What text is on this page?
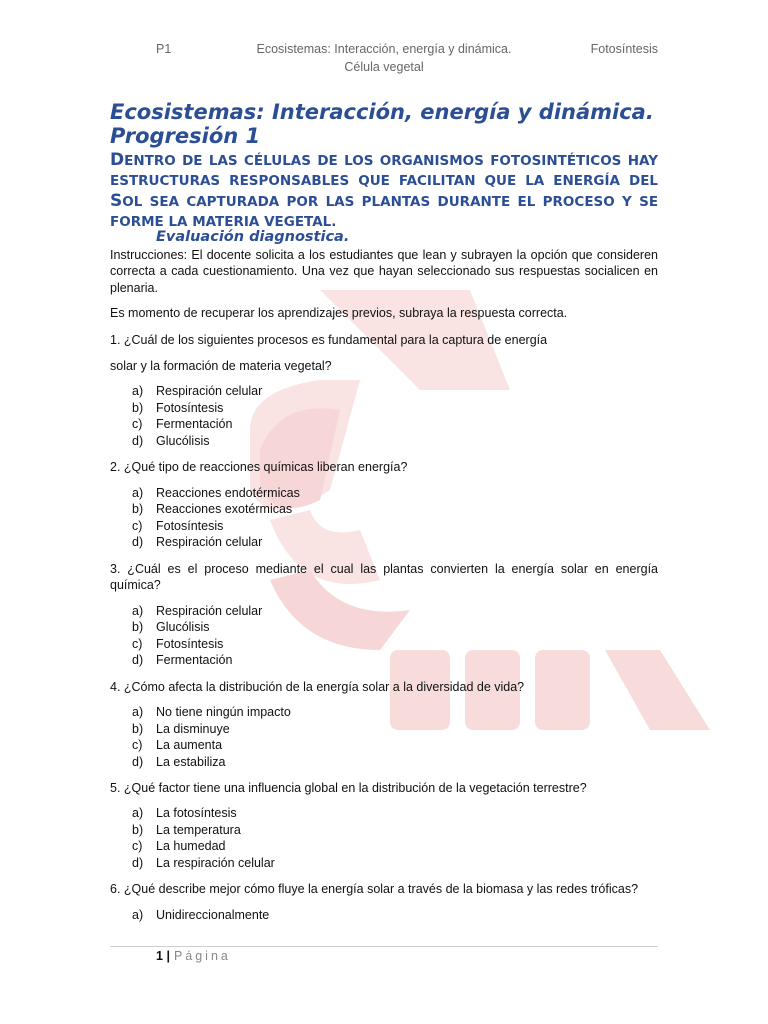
P1	Ecosistemas: Interacción, energía y dinámica.
Célula vegetal
Fotosíntesis
Ecosistemas: Interacción, energía y dinámica.
Progresión 1
DENTRO DE LAS CÉLULAS DE LOS ORGANISMOS FOTOSINTÉTICOS HAY ESTRUCTURAS RESPONSABLES QUE FACILITAN QUE LA ENERGÍA DEL SOL SEA CAPTURADA POR LAS PLANTAS DURANTE EL PROCESO Y SE FORME LA MATERIA VEGETAL.
Evaluación diagnostica.

Instrucciones: El docente solicita a los estudiantes que lean y subrayen la opción que consideren correcta a cada cuestionamiento. Una vez que hayan seleccionado sus respuestas socialicen en plenaria.

Es momento de recuperar los aprendizajes previos, subraya la respuesta correcta.

1. ¿Cuál de los siguientes procesos es fundamental para la captura de energía

solar y la formación de materia vegetal?

a) Respiración celular
b) Fotosíntesis
c) Fermentación
d) Glucólisis

2. ¿Qué tipo de reacciones químicas liberan energía?

a) Reacciones endotérmicas
b) Reacciones exotérmicas
c) Fotosíntesis
d) Respiración celular

3. ¿Cuál es el proceso mediante el cual las plantas convierten la energía solar en energía química?

a) Respiración celular
b) Glucólisis
c) Fotosíntesis
d) Fermentación

4. ¿Cómo afecta la distribución de la energía solar a la diversidad de vida?

a) No tiene ningún impacto
b) La disminuye
c) La aumenta
d) La estabiliza

5. ¿Qué factor tiene una influencia global en la distribución de la vegetación terrestre?

a) La fotosíntesis
b) La temperatura
c) La humedad
d) La respiración celular

6. ¿Qué describe mejor cómo fluye la energía solar a través de la biomasa y las redes tróficas?

a) Unidireccionalmente
1 | Página
